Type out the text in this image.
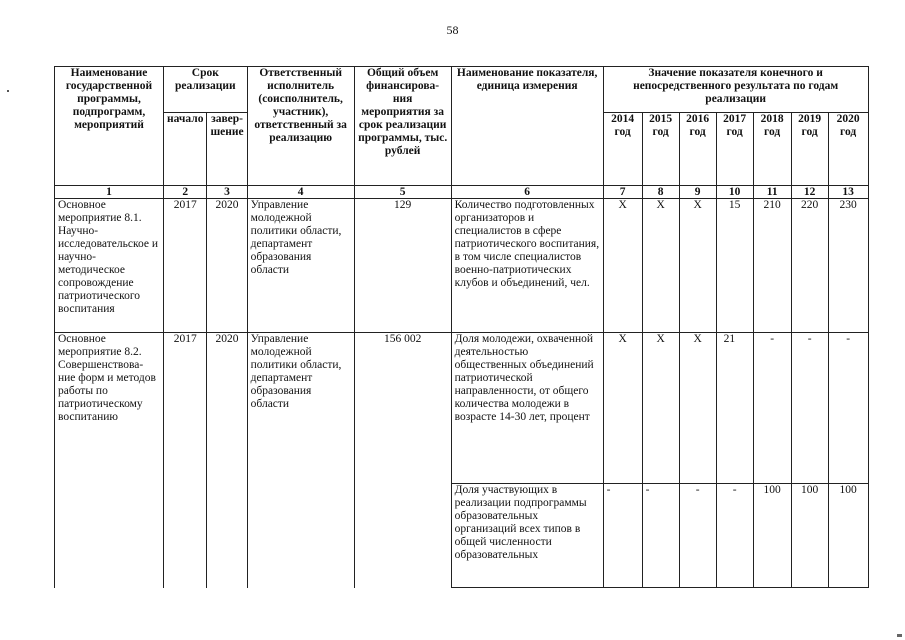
58
Наименование государственной программы, подпрограмм, мероприятий	Срок реализации		Ответственный исполнитель (соисполнитель, участник), ответственный за реализацию	Общий объем финансирова-ния мероприятия за срок реализации программы, тыс. рублей	Наименование показателя, единица измерения	Значение показателя конечного и непосредственного результата по годам реализации						
	начало	завер-шение				2014 год	2015 год	2016 год	2017 год	2018 год	2019 год	2020 год
1	2	3	4	5	6	7	8	9	10	11	12	13
Основное мероприятие 8.1. Научно-исследовательское и научно-методическое сопровождение патриотического воспитания	2017	2020	Управление молодежной политики области, департамент образования области	129	Количество подготовленных организаторов и специалистов в сфере патриотического воспитания, в том числе специалистов военно-патриотических клубов и объединений, чел.	X	X	X	15	210	220	230
Основное мероприятие 8.2. Совершенствова-ние форм и методов работы по патриотическому воспитанию	2017	2020	Управление молодежной политики области, департамент образования области	156 002	Доля молодежи, охваченной деятельностью общественных объединений патриотической направленности, от общего количества молодежи в возрасте 14-30 лет, процент	X	X	X	21	-	-	-
					Доля участвующих в реализации подпрограммы образовательных организаций всех типов в общей численности образовательных	-	-	-	-	100	100	100
